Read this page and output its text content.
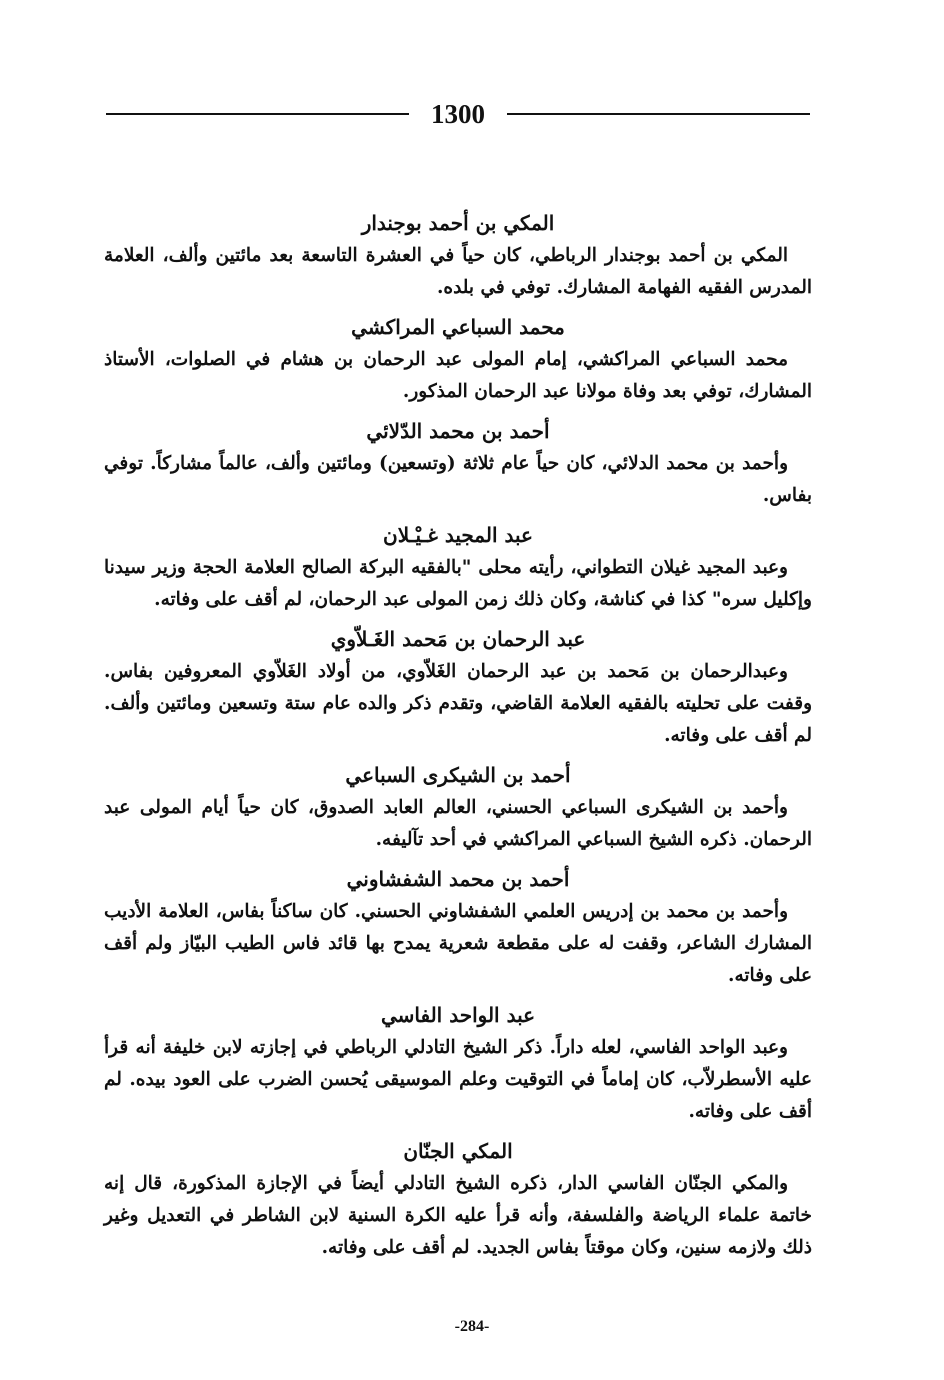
1300
المكي بن أحمد بوجندار

المكي بن أحمد بوجندار الرباطي، كان حياً في العشرة التاسعة بعد مائتين وألف، العلامة المدرس الفقيه الفهامة المشارك. توفي في بلده.

محمد السباعي المراكشي

محمد السباعي المراكشي، إمام المولى عبد الرحمان بن هشام في الصلوات، الأستاذ المشارك، توفي بعد وفاة مولانا عبد الرحمان المذكور.

أحمد بن محمد الدّلائي

وأحمد بن محمد الدلائي، كان حياً عام ثلاثة (وتسعين) ومائتين وألف، عالماً مشاركاً. توفي بفاس.

عبد المجيد غـيْـلان

وعبد المجيد غيلان التطواني، رأيته محلى "بالفقيه البركة الصالح العلامة الحجة وزير سيدنا وإكليل سره" كذا في كناشة، وكان ذلك زمن المولى عبد الرحمان، لم أقف على وفاته.

عبد الرحمان بن مَحمد الغَـلاّوي

وعبدالرحمان بن مَحمد بن عبد الرحمان الغَلاّوي، من أولاد الغَلاّوي المعروفين بفاس. وقفت على تحليته بالفقيه العلامة القاضي، وتقدم ذكر والده عام ستة وتسعين ومائتين وألف. لم أقف على وفاته.

أحمد بن الشيكرى السباعي

وأحمد بن الشيكرى السباعي الحسني، العالم العابد الصدوق، كان حياً أيام المولى عبد الرحمان. ذكره الشيخ السباعي المراكشي في أحد تآليفه.

أحمد بن محمد الشفشاوني

وأحمد بن محمد بن إدريس العلمي الشفشاوني الحسني. كان ساكناً بفاس، العلامة الأديب المشارك الشاعر، وقفت له على مقطعة شعرية يمدح بها قائد فاس الطيب البيّاز ولم أقف على وفاته.

عبد الواحد الفاسي

وعبد الواحد الفاسي، لعله داراً. ذكر الشيخ التادلي الرباطي في إجازته لابن خليفة أنه قرأ عليه الأسطرلاّب، كان إماماً في التوقيت وعلم الموسيقى يُحسن الضرب على العود بيده. لم أقف على وفاته.

المكي الجنّان

والمكي الجنّان الفاسي الدار، ذكره الشيخ التادلي أيضاً في الإجازة المذكورة، قال إنه خاتمة علماء الرياضة والفلسفة، وأنه قرأ عليه الكرة السنية لابن الشاطر في التعديل وغير ذلك ولازمه سنين، وكان موقتاً بفاس الجديد. لم أقف على وفاته.

-284-
